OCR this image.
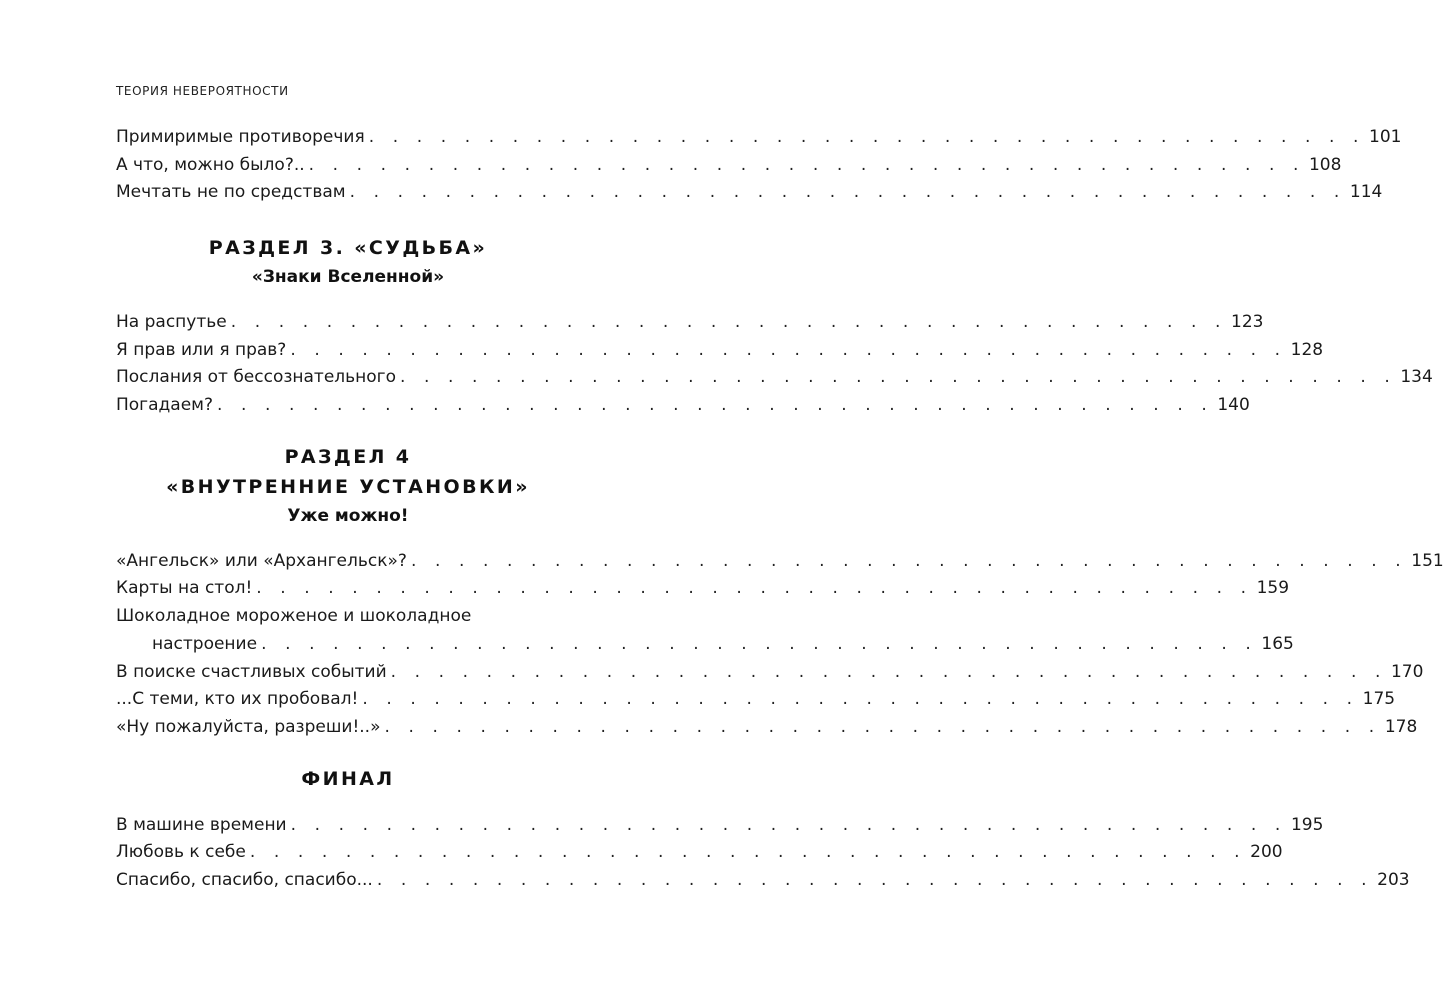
ТЕОРИЯ НЕВЕРОЯТНОСТИ
Примиримые противоречия . . . . . . . . . . . . . . . . . . . . . . . . . . . . . . . . . . . . . . . . . . 101
А что, можно было?.. . . . . . . . . . . . . . . . . . . . . . . . . . . . . . . . . . . . . . . . . . . 108
Мечтать не по средствам . . . . . . . . . . . . . . . . . . . . . . . . . . . . . . . . . . . . . . . . . . 114
РАЗДЕЛ 3. «СУДЬБА»
«Знаки Вселенной»
На распутье . . . . . . . . . . . . . . . . . . . . . . . . . . . . . . . . . . . . . . . . . . 123
Я прав или я прав? . . . . . . . . . . . . . . . . . . . . . . . . . . . . . . . . . . . . . . . . . . 128
Послания от бессознательного . . . . . . . . . . . . . . . . . . . . . . . . . . . . . . . . . . . . . . . . . . 134
Погадаем? . . . . . . . . . . . . . . . . . . . . . . . . . . . . . . . . . . . . . . . . . . 140
РАЗДЕЛ 4
«ВНУТРЕННИЕ УСТАНОВКИ»
Уже можно!
«Ангельск» или «Архангельск»? . . . . . . . . . . . . . . . . . . . . . . . . . . . . . . . . . . . . . . . . . . 151
Карты на стол! . . . . . . . . . . . . . . . . . . . . . . . . . . . . . . . . . . . . . . . . . . 159
Шоколадное мороженое и шоколадное
настроение . . . . . . . . . . . . . . . . . . . . . . . . . . . . . . . . . . . . . . . . . . 165
В поиске счастливых событий . . . . . . . . . . . . . . . . . . . . . . . . . . . . . . . . . . . . . . . . . . 170
...С теми, кто их пробовал! . . . . . . . . . . . . . . . . . . . . . . . . . . . . . . . . . . . . . . . . . . 175
«Ну пожалуйста, разреши!..» . . . . . . . . . . . . . . . . . . . . . . . . . . . . . . . . . . . . . . . . . . 178
ФИНАЛ
В машине времени . . . . . . . . . . . . . . . . . . . . . . . . . . . . . . . . . . . . . . . . . . 195
Любовь к себе . . . . . . . . . . . . . . . . . . . . . . . . . . . . . . . . . . . . . . . . . . 200
Спасибо, спасибо, спасибо... . . . . . . . . . . . . . . . . . . . . . . . . . . . . . . . . . . . . . . . . . . 203
